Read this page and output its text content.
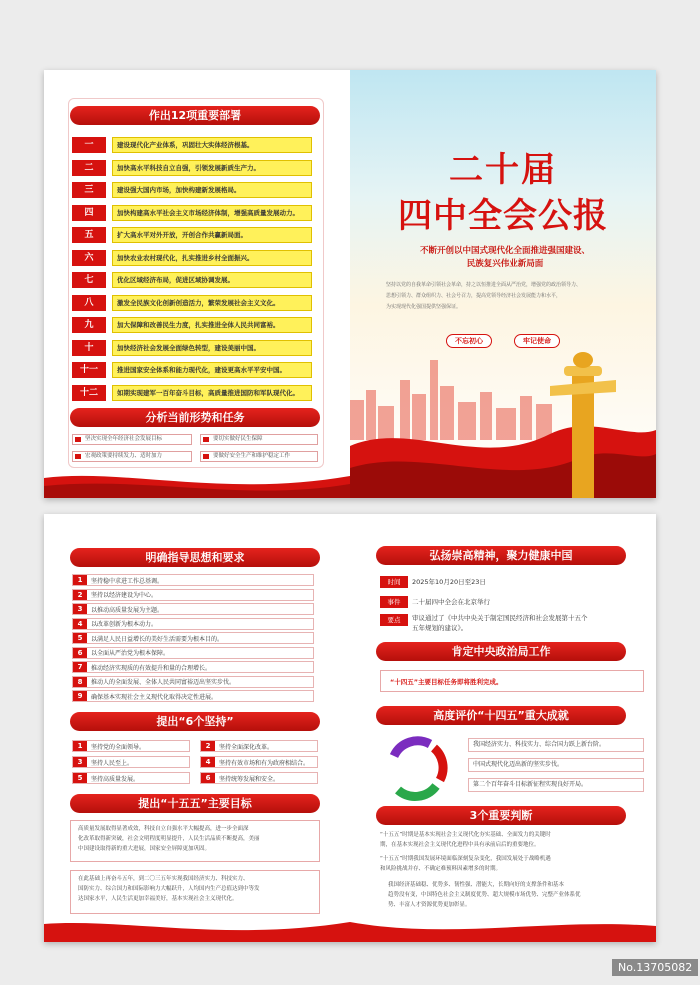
作出12项重要部署
一	建设现代化产业体系，巩固壮大实体经济根基。
二	加快高水平科技自立自强，引领发展新质生产力。
三	建设强大国内市场，加快构建新发展格局。
四	加快构建高水平社会主义市场经济体制，增强高质量发展动力。
五	扩大高水平对外开放，开创合作共赢新局面。
六	加快农业农村现代化，扎实推进乡村全面振兴。
七	优化区域经济布局，促进区域协调发展。
八	激发全民族文化创新创造活力，繁荣发展社会主义文化。
九	加大保障和改善民生力度，扎实推进全体人民共同富裕。
十	加快经济社会发展全面绿色转型，建设美丽中国。
十一	推进国家安全体系和能力现代化，建设更高水平平安中国。
十二	如期实现建军一百年奋斗目标，高质量推进国防和军队现代化。
分析当前形势和任务
坚决实现全年经济社会发展目标	要切实做好民生保障
宏观政策要持续发力、适时加力	要做好安全生产和维护稳定工作
二十届
四中全会公报
不断开创以中国式现代化全面推进强国建设、
民族复兴伟业新局面
坚持以党的自我革命引领社会革命，持之以恒推进全面从严治党，增强党的政治领导力、
思想引领力、群众组织力、社会号召力，提高党领导经济社会发展能力和水平，
为实现现代化强国提供坚强保证。
不忘初心	牢记使命
明确指导思想和要求
1	坚持稳中求进工作总基调。
2	坚持以经济建设为中心。
3	以推动高质量发展为主题。
4	以改革创新为根本动力。
5	以满足人民日益增长的美好生活需要为根本目的。
6	以全面从严治党为根本保障。
7	推动经济实现质的有效提升和量的合理增长。
8	推动人的全面发展、全体人民共同富裕迈出坚实步伐。
9	确保基本实现社会主义现代化取得决定性进展。
提出“6个坚持”
1	坚持党的全面领导。	2	坚持全面深化改革。
3	坚持人民至上。	4	坚持有效市场和有为政府相结合。
5	坚持高质量发展。	6	坚持统筹发展和安全。
提出“十五五”主要目标
高质量发展取得显著成效，科技自立自强水平大幅提高，进一步全面深
化改革取得新突破，社会文明程度明显提升，人民生活品质不断提高，美丽
中国建设取得新的重大进展，国家安全屏障更加巩固。
在此基础上再奋斗五年，到二〇三五年实现我国经济实力、科技实力、
国防实力、综合国力和国际影响力大幅跃升，人均国内生产总值达到中等发
达国家水平，人民生活更加幸福美好，基本实现社会主义现代化。
弘扬崇高精神，聚力健康中国
时间	2025年10月20日至23日
事件	二十届四中全会在北京举行
要点	审议通过了《中共中央关于制定国民经济和社会发展第十五个
五年规划的建议》。
肯定中央政治局工作
“十四五”主要目标任务即将胜利完成。
高度评价“十四五”重大成就
我国经济实力、科技实力、综合国力跃上新台阶。
中国式现代化迈出新的坚实步伐。
第二个百年奋斗目标新征程实现良好开局。
3个重要判断
“十五五”时期是基本实现社会主义现代化夯实基础、全面发力的关键时
期，在基本实现社会主义现代化进程中具有承前启后的重要地位。
“十五五”时期我国发展环境面临深刻复杂变化，我国发展处于战略机遇
和风险挑战并存、不确定难预料因素增多的时期。
我国经济基础稳、优势多、韧性强、潜能大，长期向好的支撑条件和基本
趋势没有变，中国特色社会主义制度优势、超大规模市场优势、完整产业体系优
势、丰富人才资源优势更加彰显。
No.13705082
